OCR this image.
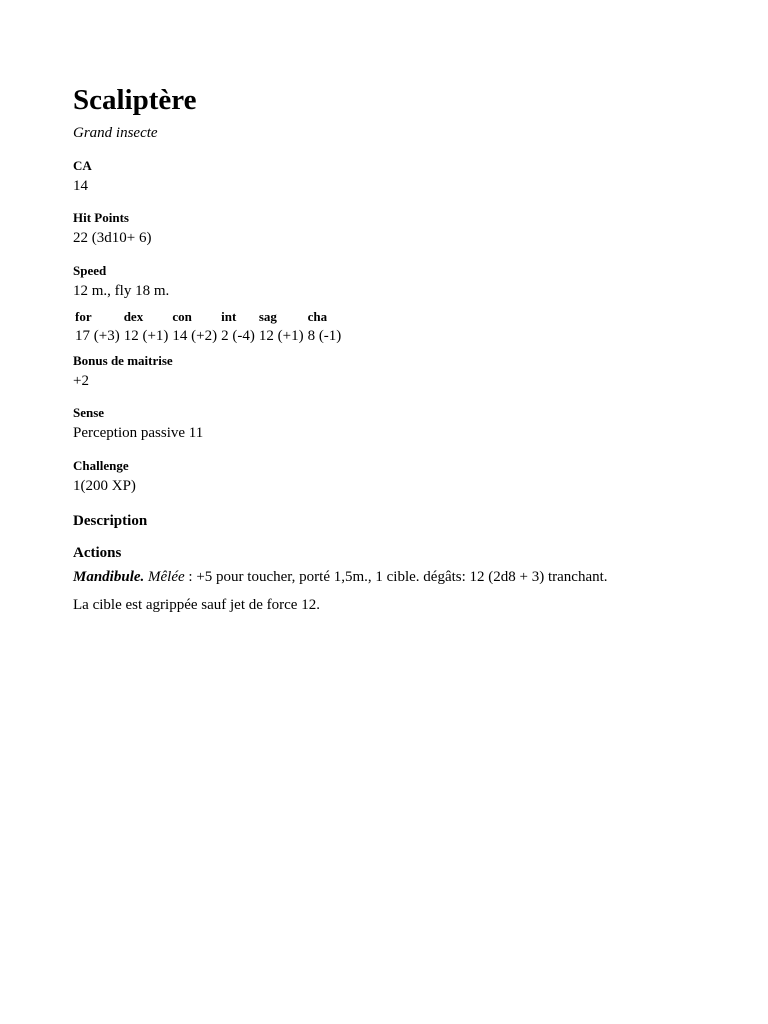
Scaliptère
Grand insecte
CA
14
Hit Points
22 (3d10+ 6)
Speed
12 m., fly 18 m.
for	dex	con	int	sag	cha
17 (+3)	12 (+1)	14 (+2)	2 (-4)	12 (+1)	8 (-1)
Bonus de maitrise
+2
Sense
Perception passive 11
Challenge
1(200 XP)
Description
Actions
Mandibule. Mêlée : +5 pour toucher, porté 1,5m., 1 cible. dégâts: 12 (2d8 + 3) tranchant.
La cible est agrippée sauf jet de force 12.
